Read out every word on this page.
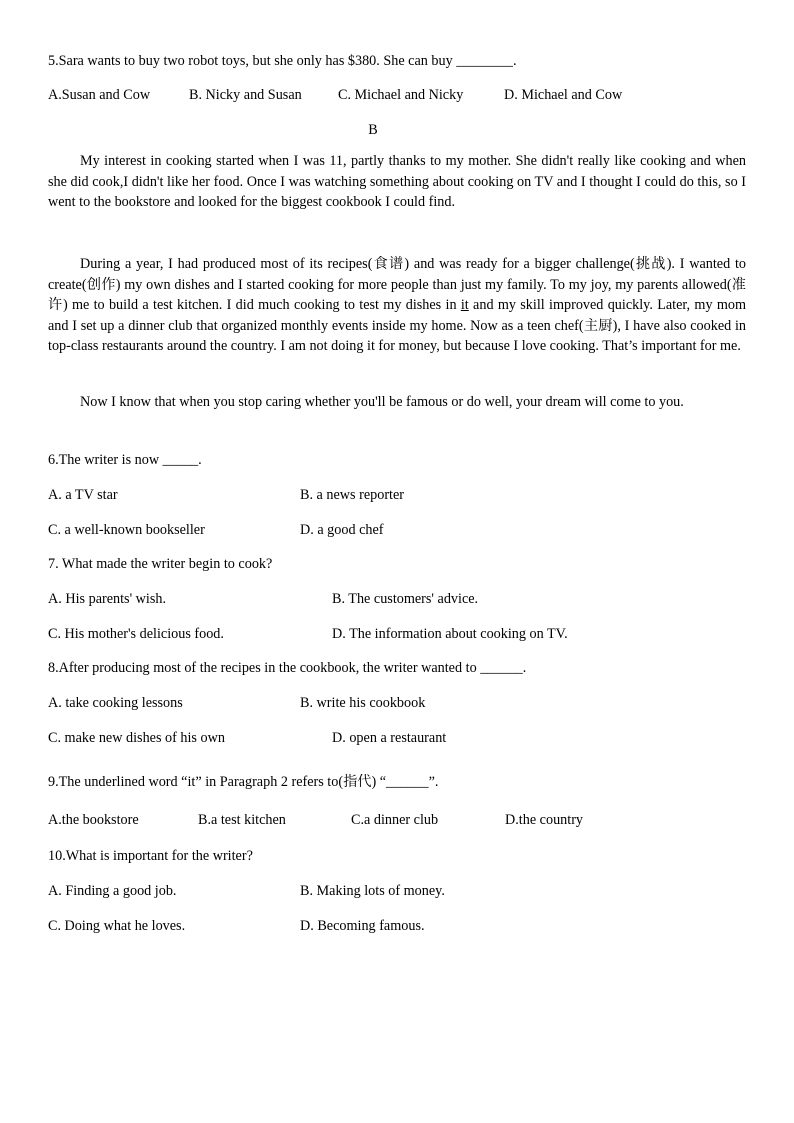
5.Sara wants to buy two robot toys, but she only has $380. She can buy ________.
A.Susan and Cow	B. Nicky and Susan	C. Michael and Nicky	D. Michael and Cow
B
My interest in cooking started when I was 11, partly thanks to my mother. She didn't really like cooking and when she did cook,I didn't like her food. Once I was watching something about cooking on TV and I thought I could do this, so I went to the bookstore and looked for the biggest cookbook I could find.
During a year, I had produced most of its recipes(食谱) and was ready for a bigger challenge(挑战). I wanted to create(创作) my own dishes and I started cooking for more people than just my family. To my joy, my parents allowed(准许) me to build a test kitchen. I did much cooking to test my dishes in it and my skill improved quickly. Later, my mom and I set up a dinner club that organized monthly events inside my home. Now as a teen chef(主厨), I have also cooked in top-class restaurants around the country. I am not doing it for money, but because I love cooking. That’s important for me.
Now I know that when you stop caring whether you'll be famous or do well, your dream will come to you.
6.The writer is now _____.
A. a TV star	B. a news reporter
C. a well-known bookseller	D. a good chef
7. What made the writer begin to cook?
A. His parents' wish.	B. The customers' advice.
C. His mother's delicious food.	D. The information about cooking on TV.
8.After producing most of the recipes in the cookbook, the writer wanted to ______.
A. take cooking lessons	B. write his cookbook
C. make new dishes of his own	D. open a restaurant
9.The underlined word “it” in Paragraph 2 refers to(指代) “______”.
A.the bookstore	B.a test kitchen	C.a dinner club	D.the country
10.What is important for the writer?
A. Finding a good job.	B. Making lots of money.
C. Doing what he loves.	D. Becoming famous.
